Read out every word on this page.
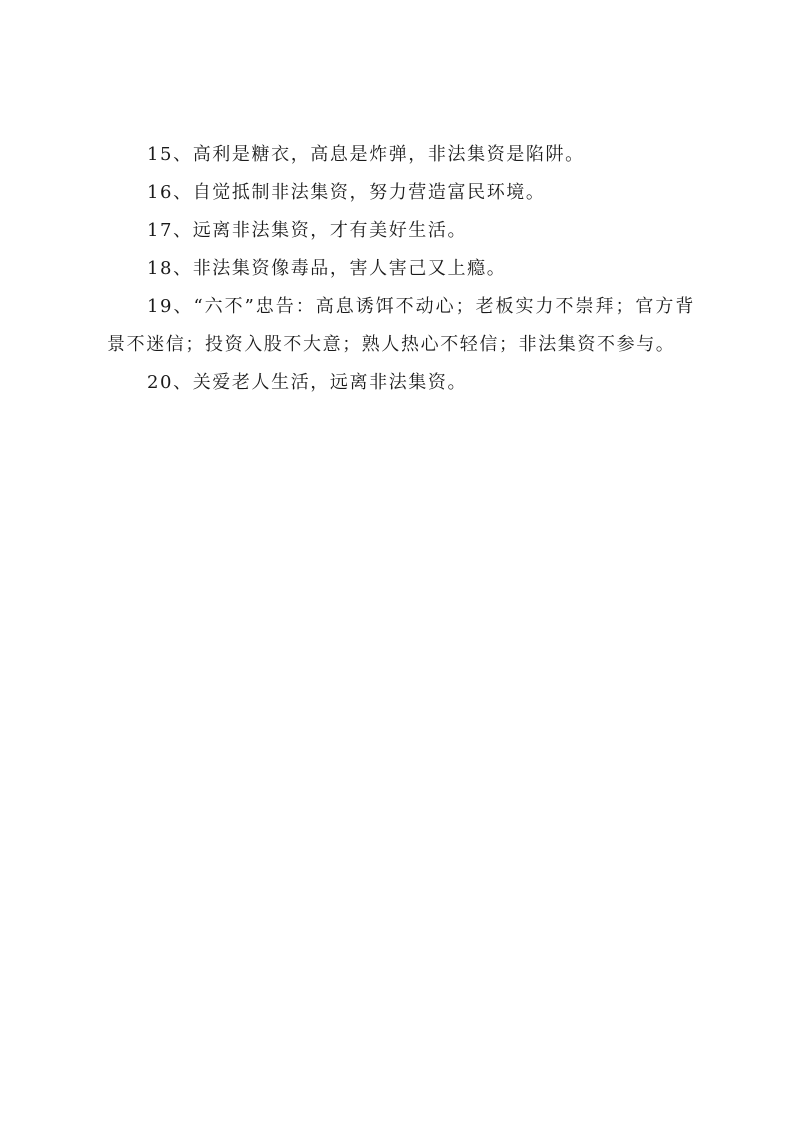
15、高利是糖衣，高息是炸弹，非法集资是陷阱。

16、自觉抵制非法集资，努力营造富民环境。

17、远离非法集资，才有美好生活。

18、非法集资像毒品，害人害己又上瘾。

19、“六不”忠告：高息诱饵不动心；老板实力不崇拜；官方背景不迷信；投资入股不大意；熟人热心不轻信；非法集资不参与。

20、关爱老人生活，远离非法集资。
